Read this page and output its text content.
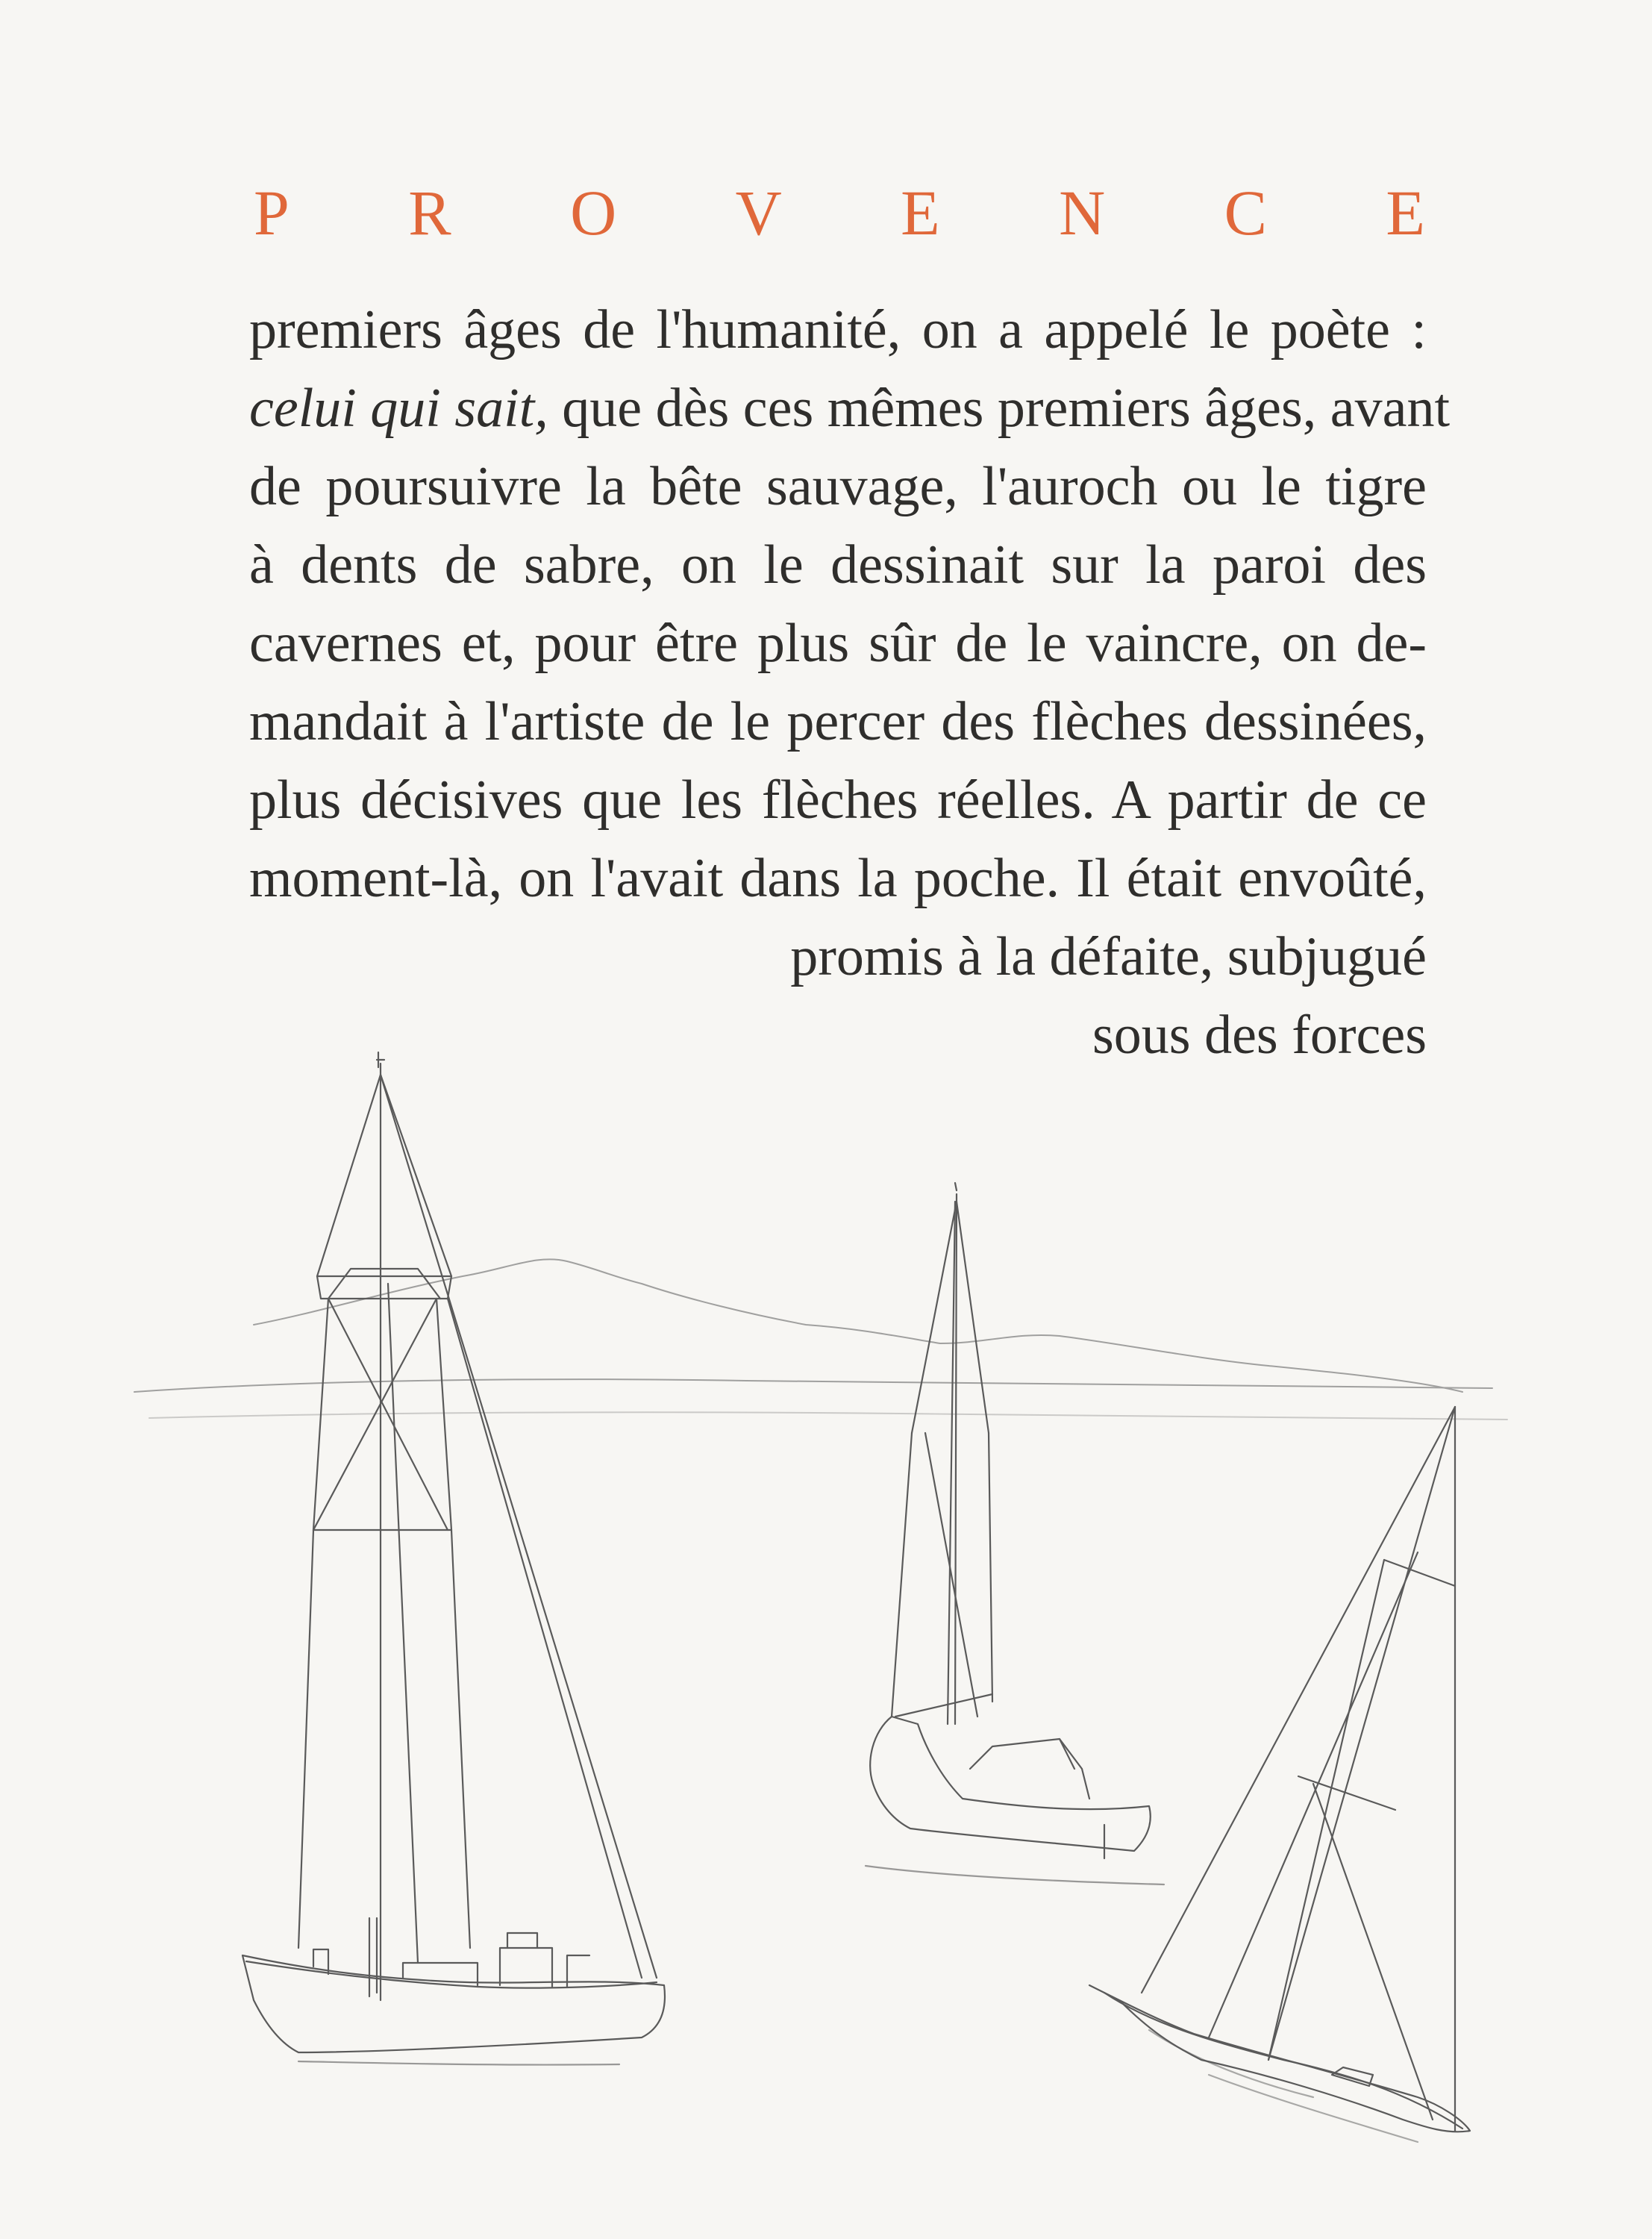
P R O V E N C E
premiers âges de l'humanité, on a appelé le poète :
celui qui sait, que dès ces mêmes premiers âges, avant
de poursuivre la bête sauvage, l'auroch ou le tigre
à dents de sabre, on le dessinait sur la paroi des
cavernes et, pour être plus sûr de le vaincre, on de-
mandait à l'artiste de le percer des flèches dessinées,
plus décisives que les flèches réelles. A partir de ce
moment-là, on l'avait dans la poche. Il était envoûté,
promis à la défaite, subjugué
sous des forces
